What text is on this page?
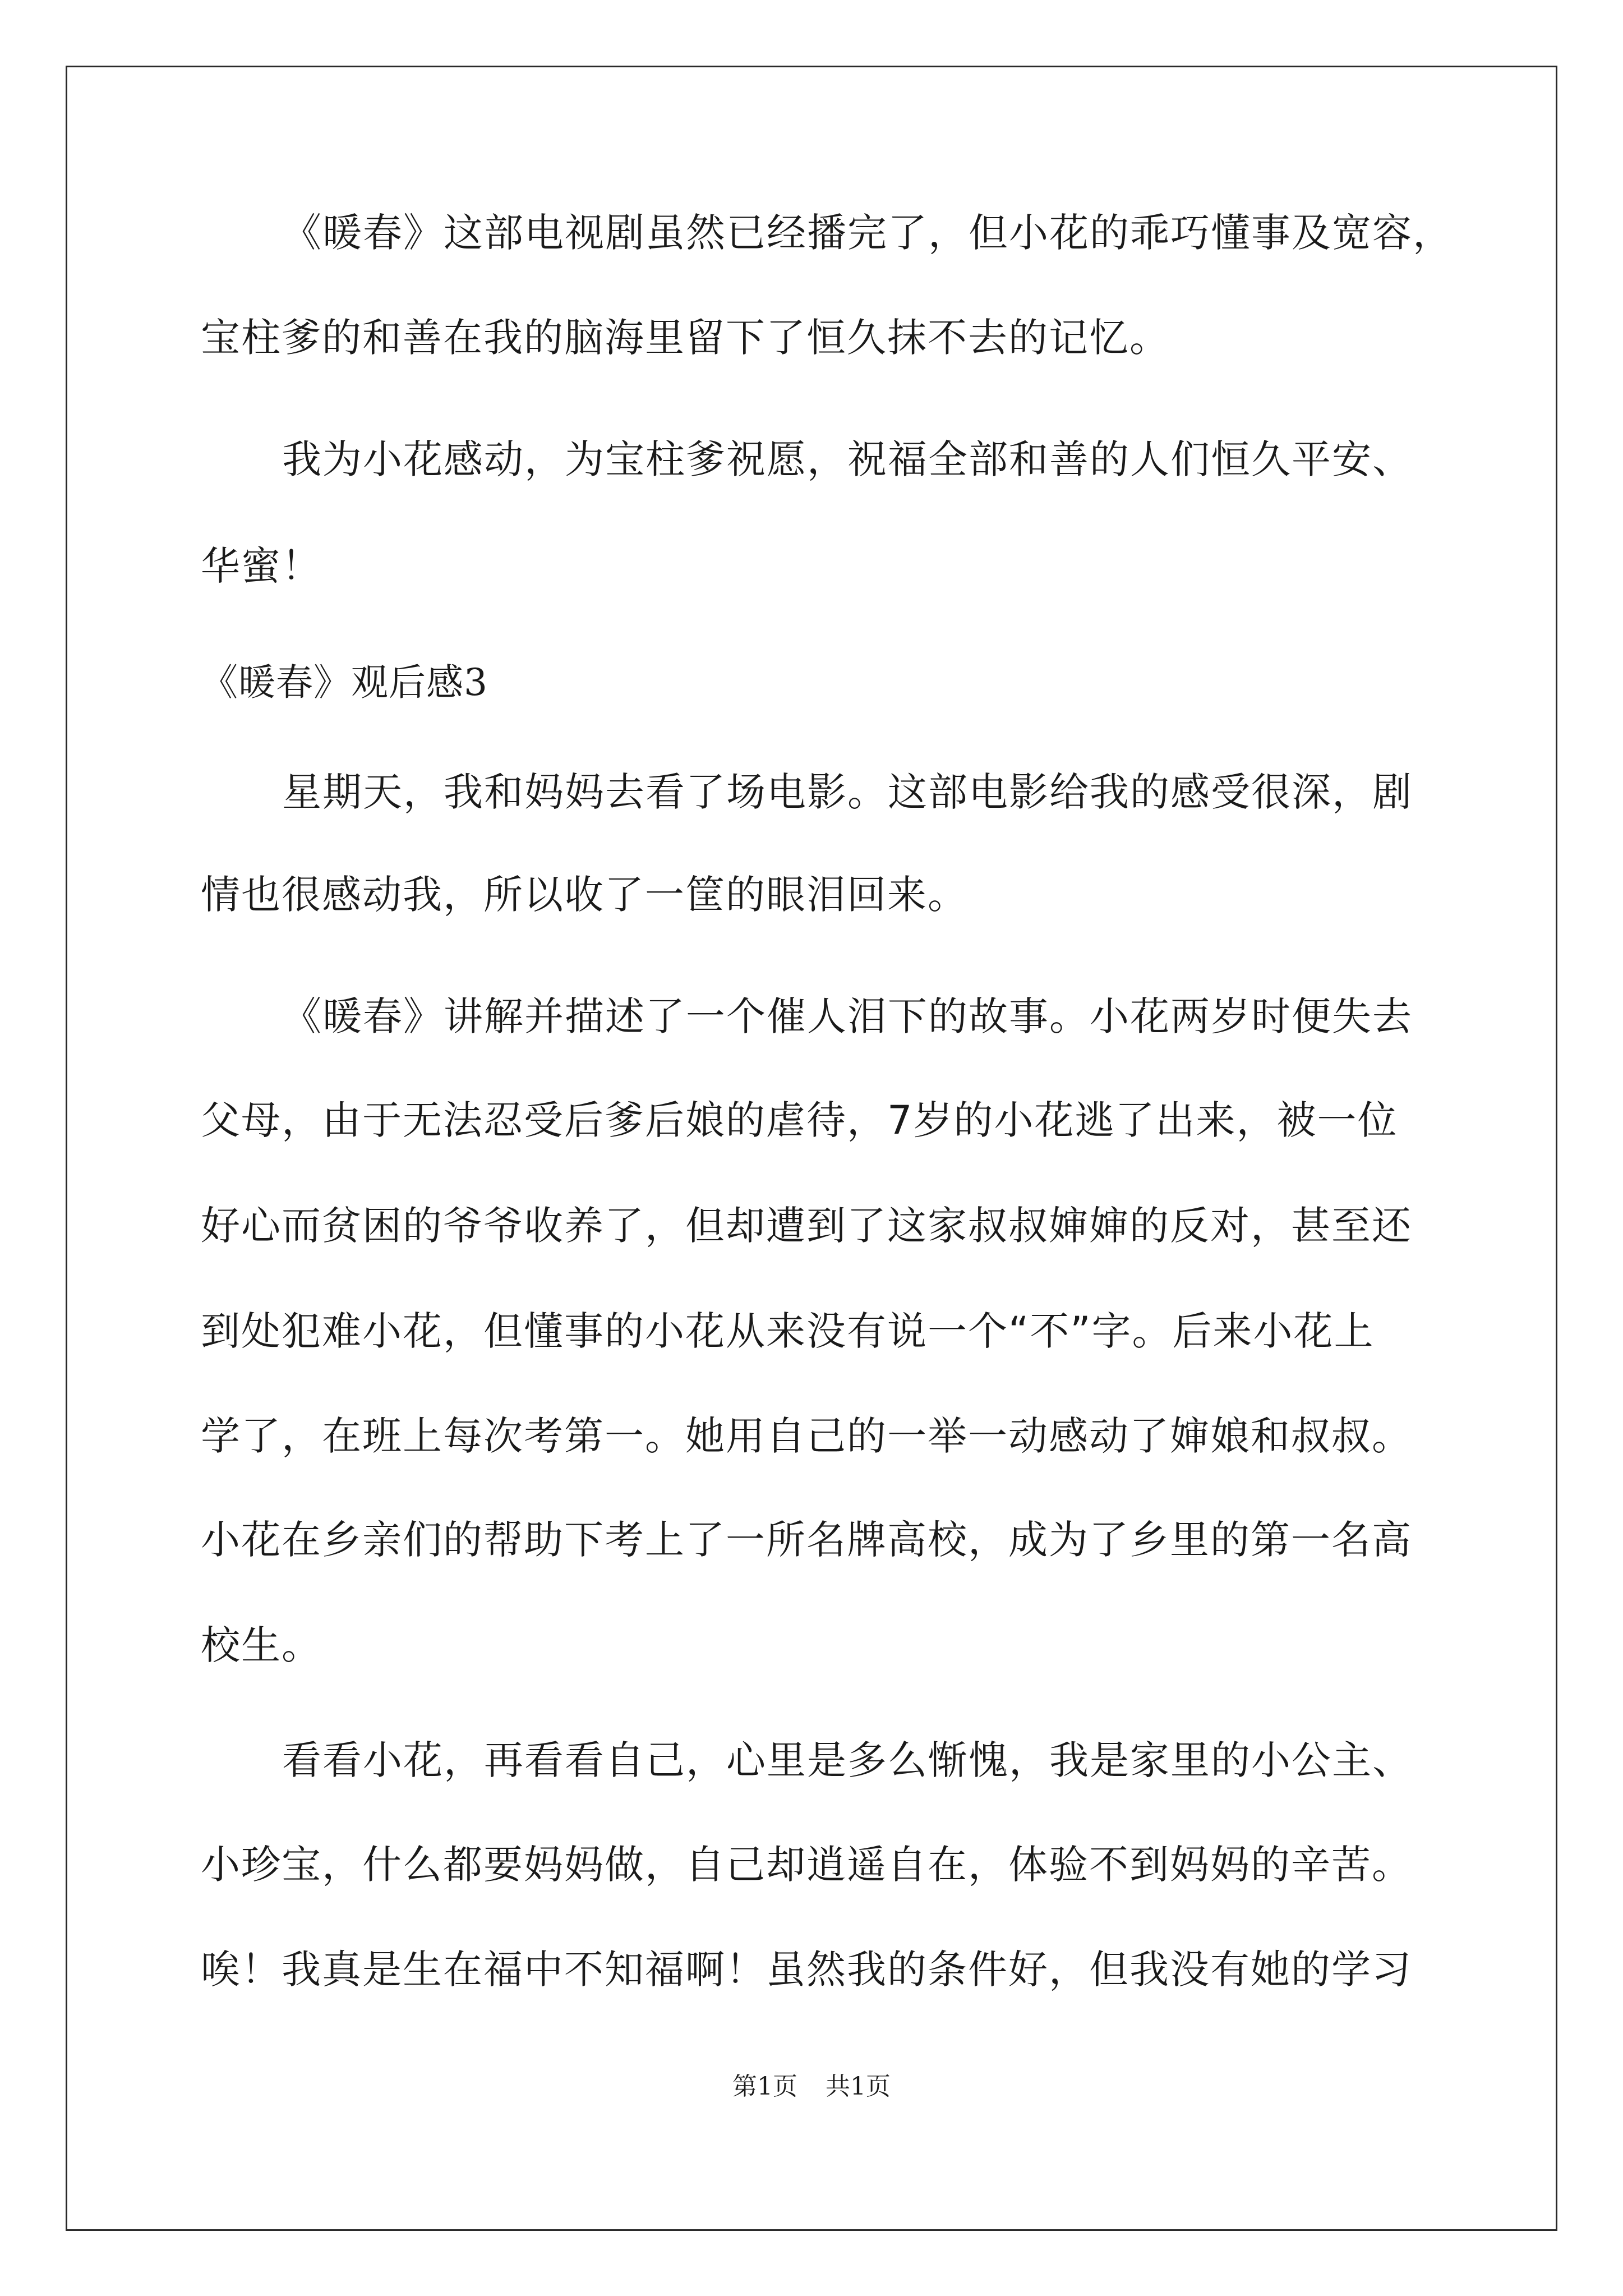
《暖春》这部电视剧虽然已经播完了，但小花的乖巧懂事及宽容，
宝柱爹的和善在我的脑海里留下了恒久抹不去的记忆。
我为小花感动，为宝柱爹祝愿，祝福全部和善的人们恒久平安、
华蜜！
《暖春》观后感3
星期天，我和妈妈去看了场电影。这部电影给我的感受很深，剧
情也很感动我，所以收了一筐的眼泪回来。
《暖春》讲解并描述了一个催人泪下的故事。小花两岁时便失去
父母，由于无法忍受后爹后娘的虐待，7岁的小花逃了出来，被一位
好心而贫困的爷爷收养了，但却遭到了这家叔叔婶婶的反对，甚至还
到处犯难小花，但懂事的小花从来没有说一个“不”字。后来小花上
学了，在班上每次考第一。她用自己的一举一动感动了婶娘和叔叔。
小花在乡亲们的帮助下考上了一所名牌高校，成为了乡里的第一名高
校生。
看看小花，再看看自己，心里是多么惭愧，我是家里的小公主、
小珍宝，什么都要妈妈做，自己却逍遥自在，体验不到妈妈的辛苦。
唉！我真是生在福中不知福啊！虽然我的条件好，但我没有她的学习
第1页 共1页
